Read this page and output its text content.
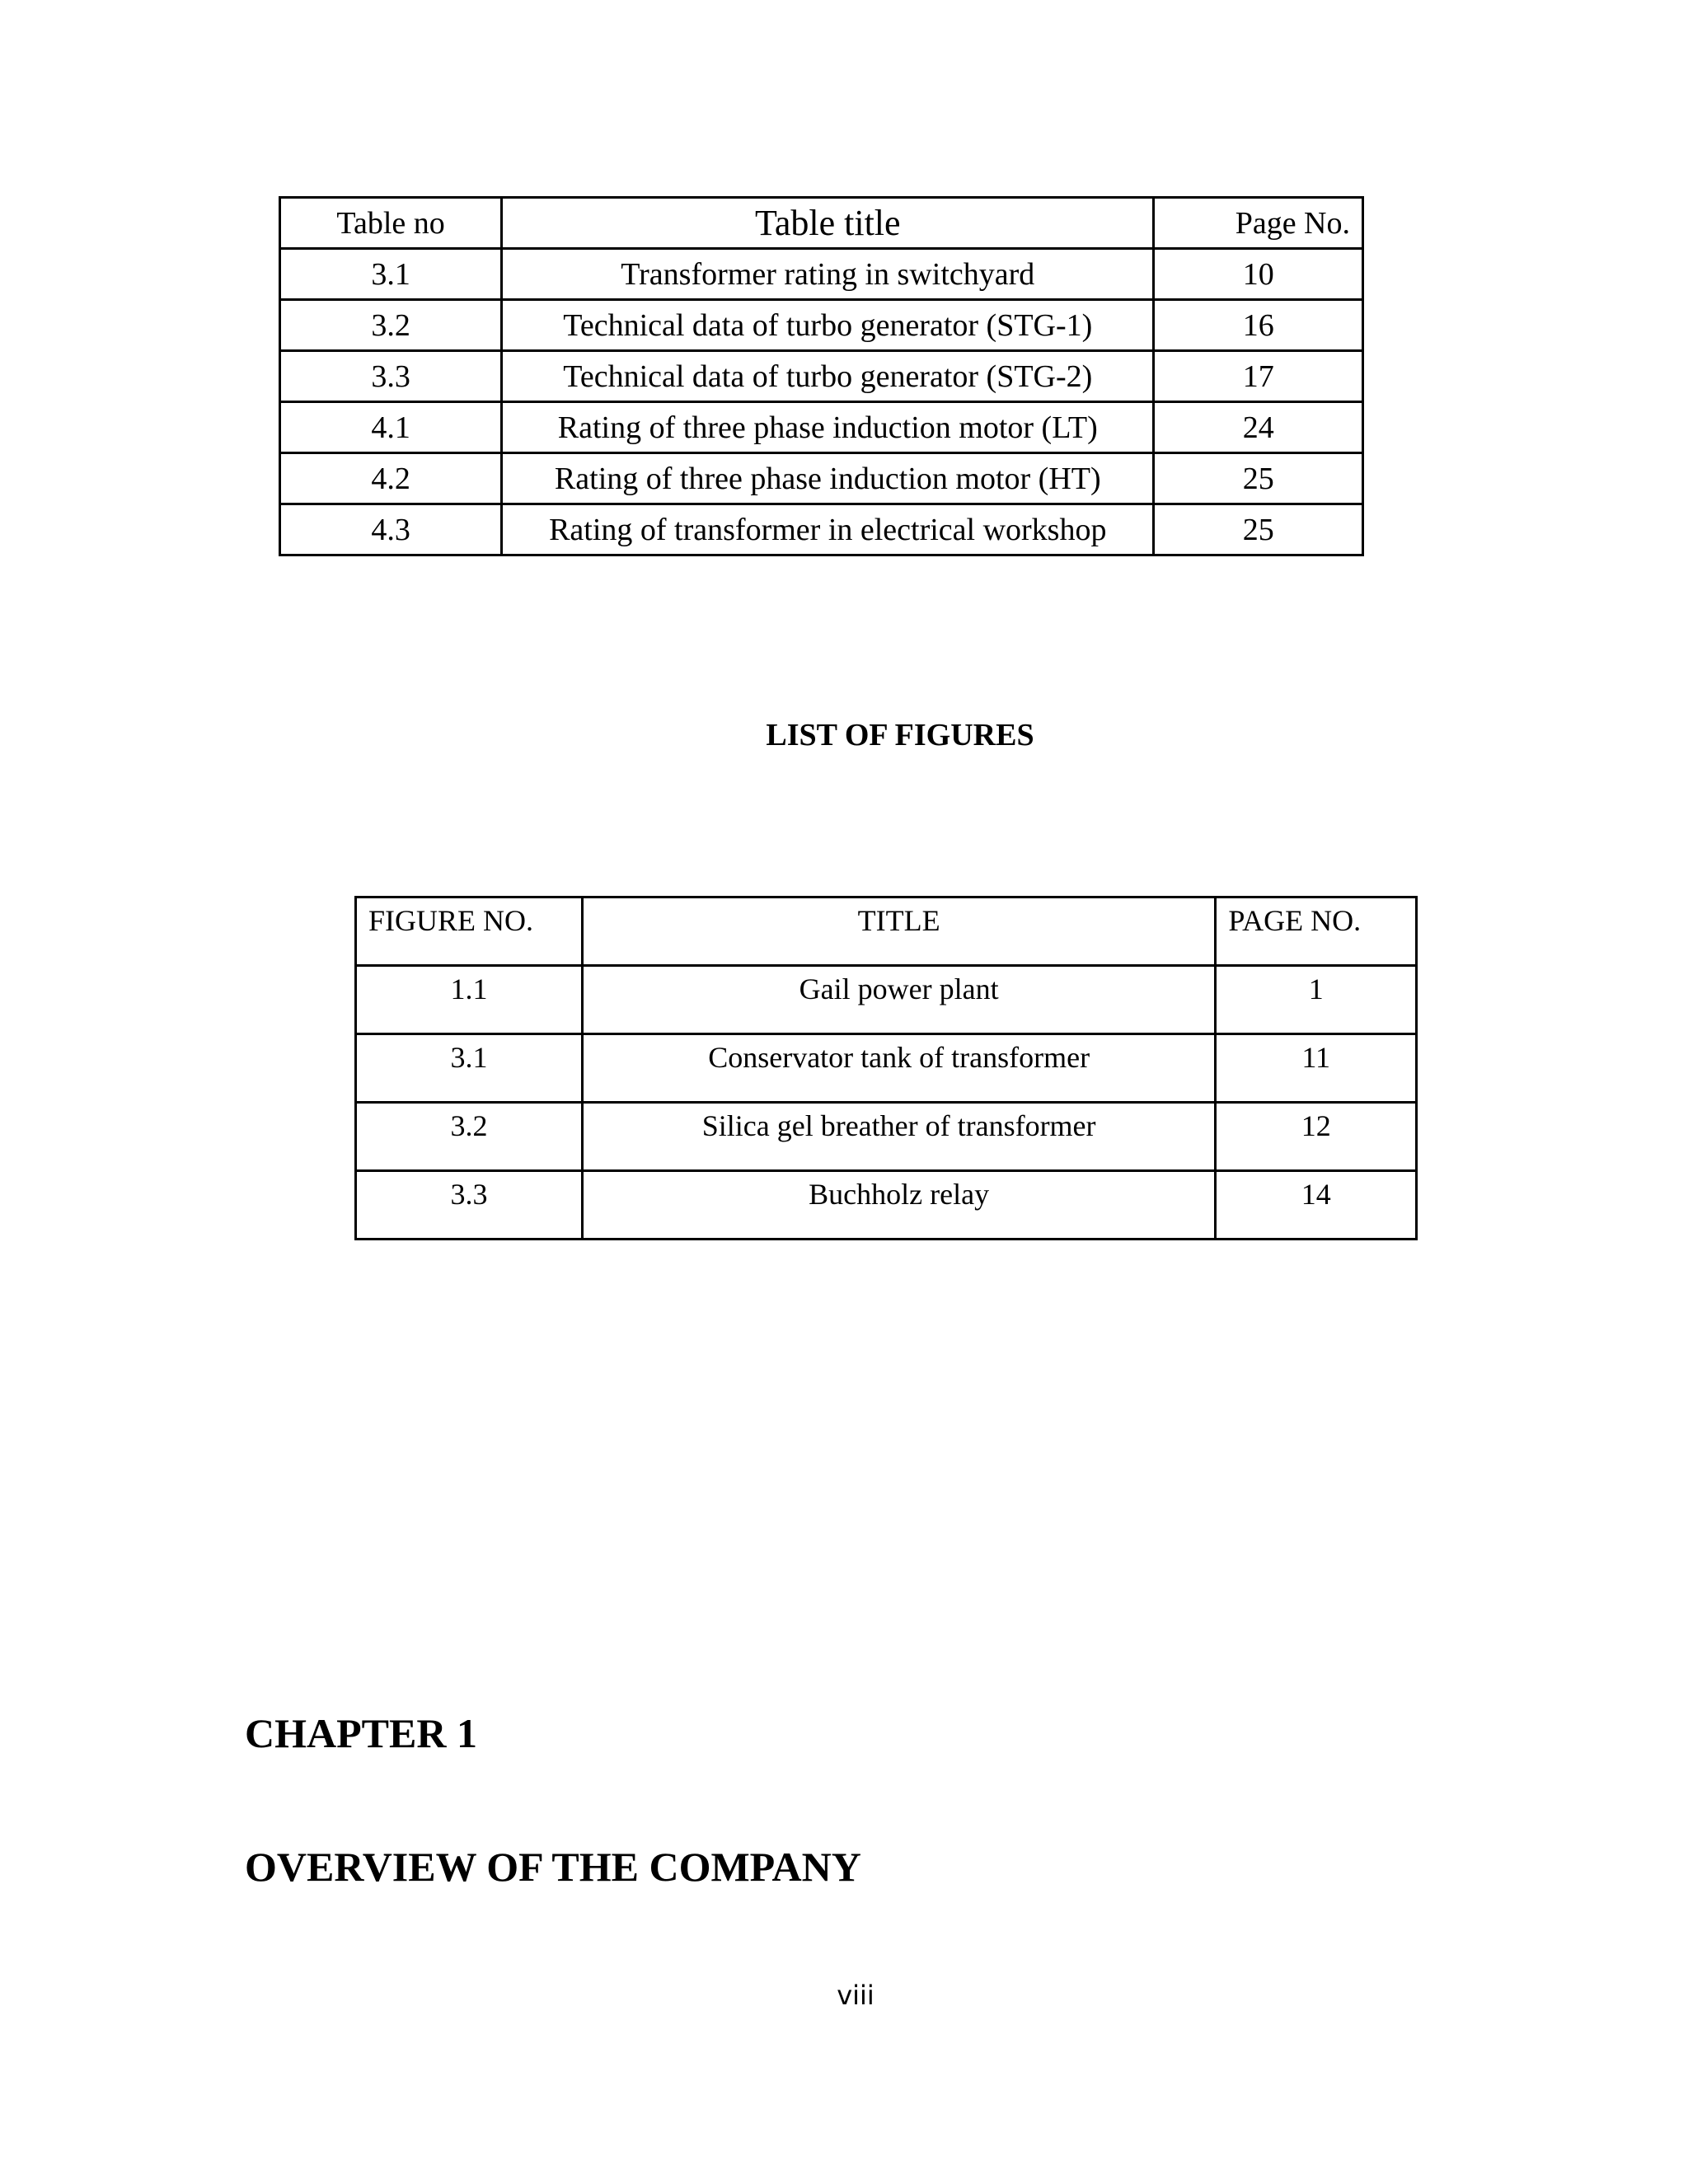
Table no	Table title	Page No.
3.1	Transformer rating in switchyard	10
3.2	Technical data of turbo generator (STG-1)	16
3.3	Technical data of turbo generator (STG-2)	17
4.1	Rating of three phase induction motor (LT)	24
4.2	Rating of three phase induction motor (HT)	25
4.3	Rating of transformer in electrical workshop	25
LIST OF FIGURES
FIGURE NO.	TITLE	PAGE NO.
1.1	Gail power plant	1
3.1	Conservator tank of transformer	11
3.2	Silica gel breather of transformer	12
3.3	Buchholz relay	14
CHAPTER 1
OVERVIEW OF THE COMPANY
viii
